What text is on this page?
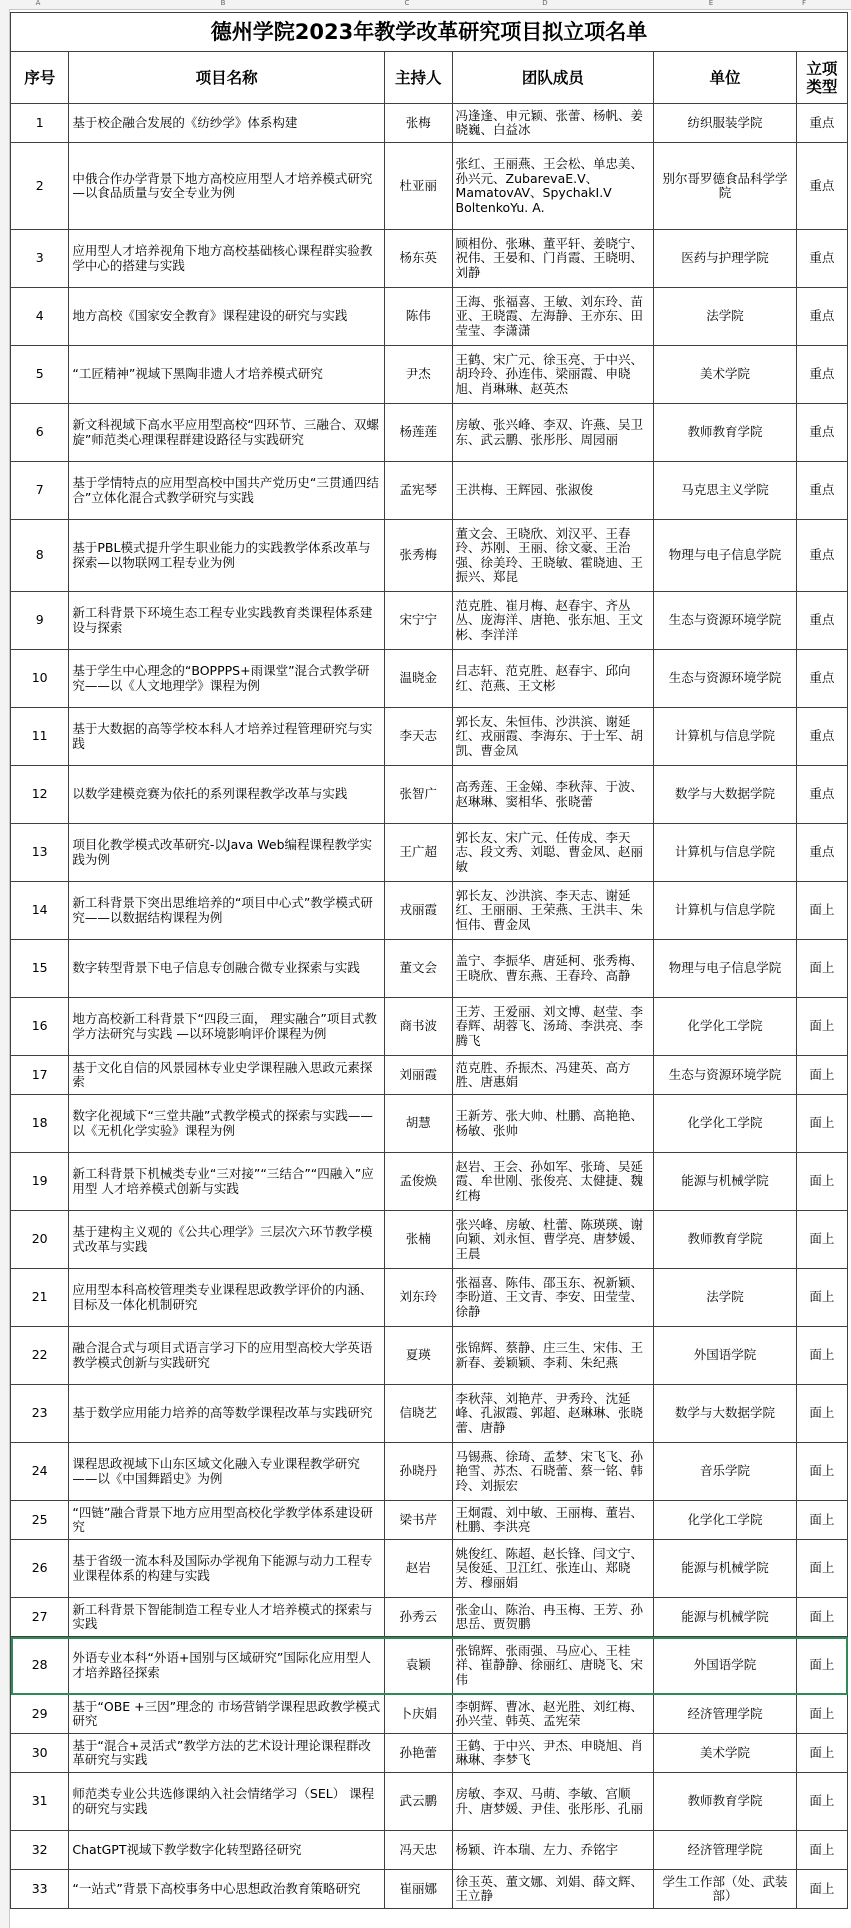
A	B	C	D	E	F
德州学院2023年教学改革研究项目拟立项名单					
序号	项目名称	主持人	团队成员	单位	立项类型
1	基于校企融合发展的《纺纱学》体系构建	张梅	冯逢逢、申元颖、张蕾、杨帆、姜晓巍、白益冰	纺织服装学院	重点
2	中俄合作办学背景下地方高校应用型人才培养模式研究—以食品质量与安全专业为例	杜亚丽	张红、王丽燕、王会松、单忠美、孙兴元、ZubarevaE.V、MamatovAV、SpychakI.V BoltenkoYu. A.	别尔哥罗德食品科学学院	重点
3	应用型人才培养视角下地方高校基础核心课程群实验教学中心的搭建与实践	杨东英	顾相份、张琳、董平轩、姜晓宁、祝伟、王晏和、门肖霞、王晓明、刘静	医药与护理学院	重点
4	地方高校《国家安全教育》课程建设的研究与实践	陈伟	王海、张福喜、王敏、刘东玲、苗亚、王晓霞、左海静、王亦东、田莹莹、李潇潇	法学院	重点
5	“工匠精神”视域下黑陶非遗人才培养模式研究	尹杰	王鹤、宋广元、徐玉亮、于中兴、胡玲玲、孙连伟、梁丽霞、申晓旭、肖琳琳、赵英杰	美术学院	重点
6	新文科视域下高水平应用型高校“四环节、三融合、双螺旋”师范类心理课程群建设路径与实践研究	杨莲莲	房敏、张兴峰、李双、许燕、吴卫东、武云鹏、张彤彤、周园丽	教师教育学院	重点
7	基于学情特点的应用型高校中国共产党历史“三贯通四结合”立体化混合式教学研究与实践	孟宪琴	王洪梅、王辉园、张淑俊	马克思主义学院	重点
8	基于PBL模式提升学生职业能力的实践教学体系改革与探索—以物联网工程专业为例	张秀梅	董文会、王晓欣、刘汉平、王春玲、苏刚、王丽、徐文豪、王治强、徐美玲、王晓敏、霍晓迪、王振兴、郑昆	物理与电子信息学院	重点
9	新工科背景下环境生态工程专业实践教育类课程体系建设与探索	宋宁宁	范克胜、崔月梅、赵春宇、齐丛丛、庞海洋、唐艳、张东旭、王文彬、李洋洋	生态与资源环境学院	重点
10	基于学生中心理念的“BOPPPS+雨课堂”混合式教学研究——以《人文地理学》课程为例	温晓金	吕志轩、范克胜、赵春宇、邱向红、范燕、王文彬	生态与资源环境学院	重点
11	基于大数据的高等学校本科人才培养过程管理研究与实践	李天志	郭长友、朱恒伟、沙洪滨、谢延红、戎丽霞、李海东、于士军、胡凯、曹金凤	计算机与信息学院	重点
12	以数学建模竞赛为依托的系列课程教学改革与实践	张智广	高秀莲、王金娣、李秋萍、于波、赵琳琳、窦相华、张晓蕾	数学与大数据学院	重点
13	项目化教学模式改革研究-以Java Web编程课程教学实践为例	王广超	郭长友、宋广元、任传成、李天志、段文秀、刘聪、曹金凤、赵丽敏	计算机与信息学院	重点
14	新工科背景下突出思维培养的“项目中心式”教学模式研究——以数据结构课程为例	戎丽霞	郭长友、沙洪滨、李天志、谢延红、王丽丽、王荣燕、王洪丰、朱恒伟、曹金凤	计算机与信息学院	面上
15	数字转型背景下电子信息专创融合微专业探索与实践	董文会	盖宁、李振华、唐延柯、张秀梅、王晓欣、曹东燕、王春玲、高静	物理与电子信息学院	面上
16	地方高校新工科背景下“四段三面， 理实融合”项目式教学方法研究与实践 —以环境影响评价课程为例	商书波	王芳、王爱丽、刘文博、赵莹、李春辉、胡蓉飞、汤琦、李洪亮、李腾飞	化学化工学院	面上
17	基于文化自信的风景园林专业史学课程融入思政元素探索	刘丽霞	范克胜、乔振杰、冯建英、高方胜、唐惠娟	生态与资源环境学院	面上
18	数字化视域下“三堂共融”式教学模式的探索与实践——以《无机化学实验》课程为例	胡慧	王新芳、张大帅、杜鹏、高艳艳、杨敏、张帅	化学化工学院	面上
19	新工科背景下机械类专业“三对接”“三结合”“四融入”应用型 人才培养模式创新与实践	孟俊焕	赵岩、王会、孙如军、张琦、吴延霞、牟世刚、张俊亮、太健捷、魏红梅	能源与机械学院	面上
20	基于建构主义观的《公共心理学》三层次六环节教学模式改革与实践	张楠	张兴峰、房敏、杜蕾、陈瑛瑛、谢向颖、刘永恒、曹学亮、唐梦媛、王晨	教师教育学院	面上
21	应用型本科高校管理类专业课程思政教学评价的内涵、目标及一体化机制研究	刘东玲	张福喜、陈伟、邵玉东、祝新颖、李盼道、王文青、李安、田莹莹、徐静	法学院	面上
22	融合混合式与项目式语言学习下的应用型高校大学英语教学模式创新与实践研究	夏瑛	张锦辉、蔡静、庄三生、宋伟、王新春、姜颖颖、李莉、朱纪燕	外国语学院	面上
23	基于数学应用能力培养的高等数学课程改革与实践研究	信晓艺	李秋萍、刘艳芹、尹秀玲、沈延峰、孔淑霞、郭超、赵琳琳、张晓蕾、唐静	数学与大数据学院	面上
24	课程思政视域下山东区域文化融入专业课程教学研究——以《中国舞蹈史》为例	孙晓丹	马锡燕、徐琦、孟梦、宋飞飞、孙艳雪、苏杰、石晓蕾、蔡一铭、韩玲、刘振宏	音乐学院	面上
25	“四链”融合背景下地方应用型高校化学教学体系建设研究	梁书芹	王炯霞、刘中敏、王丽梅、董岩、杜鹏、李洪亮	化学化工学院	面上
26	基于省级一流本科及国际办学视角下能源与动力工程专业课程体系的构建与实践	赵岩	姚俊红、陈超、赵长锋、闫文宁、吴俊延、卫江红、张连山、郑晓芳、穆丽娟	能源与机械学院	面上
27	新工科背景下智能制造工程专业人才培养模式的探索与实践	孙秀云	张金山、陈治、冉玉梅、王芳、孙思岳、贾贺鹏	能源与机械学院	面上
28	外语专业本科“外语+国别与区域研究”国际化应用型人才培养路径探索	袁颖	张锦辉、张雨强、马应心、王桂祥、崔静静、徐丽红、唐晓飞、宋伟	外国语学院	面上
29	基于“OBE +三因”理念的 市场营销学课程思政教学模式研究	卜庆娟	李朝辉、曹冰、赵光胜、刘红梅、孙兴莹、韩英、孟宪荣	经济管理学院	面上
30	基于“混合+灵活式”教学方法的艺术设计理论课程群改革研究与实践	孙艳蕾	王鹤、于中兴、尹杰、申晓旭、肖琳琳、李梦飞	美术学院	面上
31	师范类专业公共选修课纳入社会情绪学习（SEL） 课程的研究与实践	武云鹏	房敏、李双、马萌、李敏、宫顺升、唐梦媛、尹佳、张彤彤、孔丽	教师教育学院	面上
32	ChatGPT视域下教学数字化转型路径研究	冯天忠	杨颖、许本瑞、左力、乔铭宇	经济管理学院	面上
33	“一站式”背景下高校事务中心思想政治教育策略研究	崔丽娜	徐玉英、董文娜、刘娟、薛文辉、王立静	学生工作部（处、武装部）	面上
